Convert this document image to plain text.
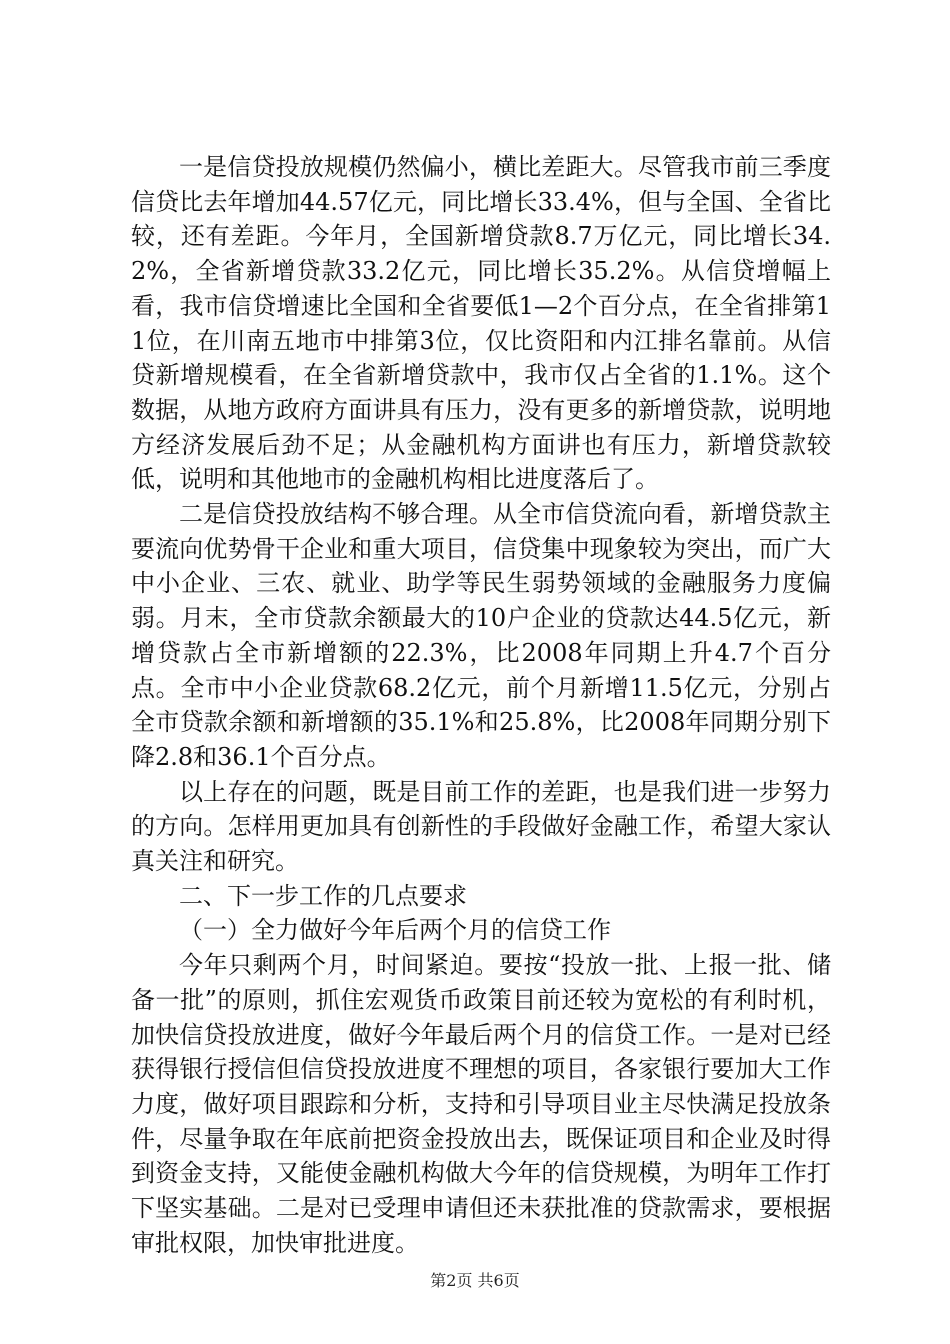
一是信贷投放规模仍然偏小，横比差距大。尽管我市前三季度信贷比去年增加44.57亿元，同比增长33.4%，但与全国、全省比较，还有差距。今年月，全国新增贷款8.7万亿元，同比增长34.2%，全省新增贷款33.2亿元，同比增长35.2%。从信贷增幅上看，我市信贷增速比全国和全省要低1—2个百分点，在全省排第11位，在川南五地市中排第3位，仅比资阳和内江排名靠前。从信贷新增规模看，在全省新增贷款中，我市仅占全省的1.1%。这个数据，从地方政府方面讲具有压力，没有更多的新增贷款，说明地方经济发展后劲不足；从金融机构方面讲也有压力，新增贷款较低，说明和其他地市的金融机构相比进度落后了。

二是信贷投放结构不够合理。从全市信贷流向看，新增贷款主要流向优势骨干企业和重大项目，信贷集中现象较为突出，而广大中小企业、三农、就业、助学等民生弱势领域的金融服务力度偏弱。月末，全市贷款余额最大的10户企业的贷款达44.5亿元，新增贷款占全市新增额的22.3%，比2008年同期上升4.7个百分点。全市中小企业贷款68.2亿元，前个月新增11.5亿元，分别占全市贷款余额和新增额的35.1%和25.8%，比2008年同期分别下降2.8和36.1个百分点。

以上存在的问题，既是目前工作的差距，也是我们进一步努力的方向。怎样用更加具有创新性的手段做好金融工作，希望大家认真关注和研究。

二、下一步工作的几点要求

（一）全力做好今年后两个月的信贷工作

今年只剩两个月，时间紧迫。要按“投放一批、上报一批、储备一批”的原则，抓住宏观货币政策目前还较为宽松的有利时机，加快信贷投放进度，做好今年最后两个月的信贷工作。一是对已经获得银行授信但信贷投放进度不理想的项目，各家银行要加大工作力度，做好项目跟踪和分析，支持和引导项目业主尽快满足投放条件，尽量争取在年底前把资金投放出去，既保证项目和企业及时得到资金支持，又能使金融机构做大今年的信贷规模，为明年工作打下坚实基础。二是对已受理申请但还未获批准的贷款需求，要根据审批权限，加快审批进度。

第2页 共6页
